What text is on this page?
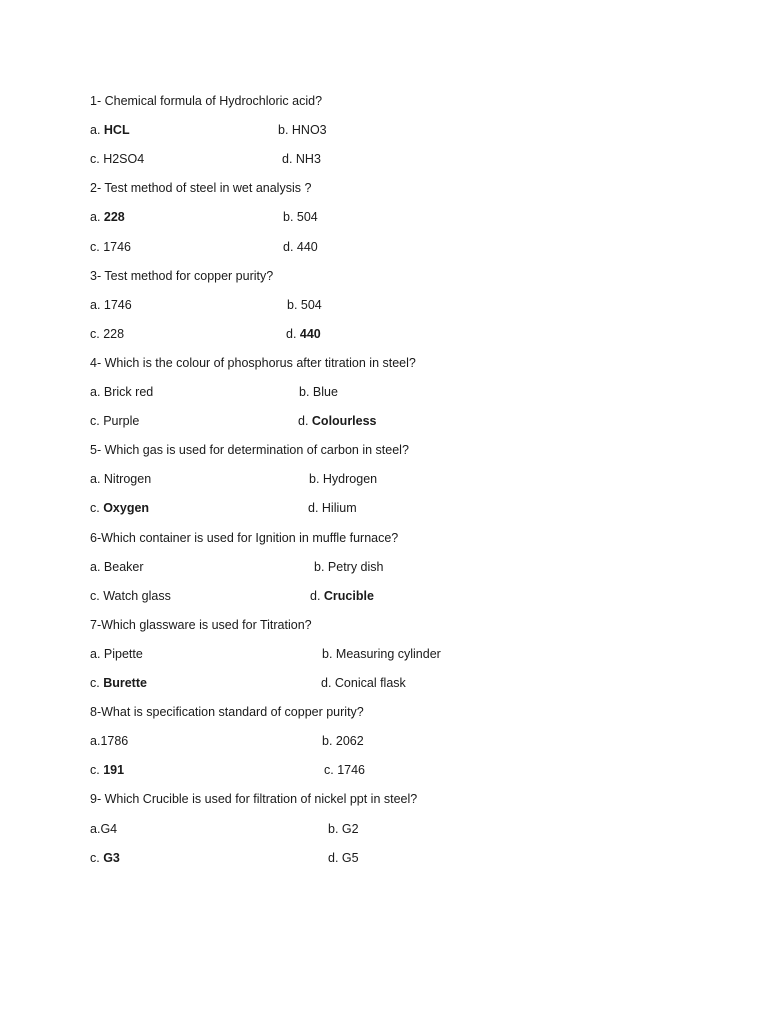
1- Chemical formula of Hydrochloric acid?
a. HCL	b. HNO3
c. H2SO4	d. NH3
2- Test method of steel in wet analysis ?
a. 228	b. 504
c. 1746	d. 440
3- Test method for copper purity?
a. 1746	b. 504
c. 228	d. 440
4- Which is the colour of phosphorus after titration in steel?
a. Brick red	b. Blue
c. Purple	d. Colourless
5- Which gas is used for determination of carbon in steel?
a. Nitrogen	b. Hydrogen
c. Oxygen	d. Hilium
6-Which container is used for Ignition in muffle furnace?
a. Beaker	b. Petry dish
c. Watch glass	d. Crucible
7-Which glassware is used for Titration?
a. Pipette	b. Measuring cylinder
c. Burette	d. Conical flask
8-What is specification standard of copper purity?
a.1786	b. 2062
c. 191	c. 1746
9- Which Crucible is used for filtration of nickel ppt in steel?
a.G4	b. G2
c. G3	d. G5
